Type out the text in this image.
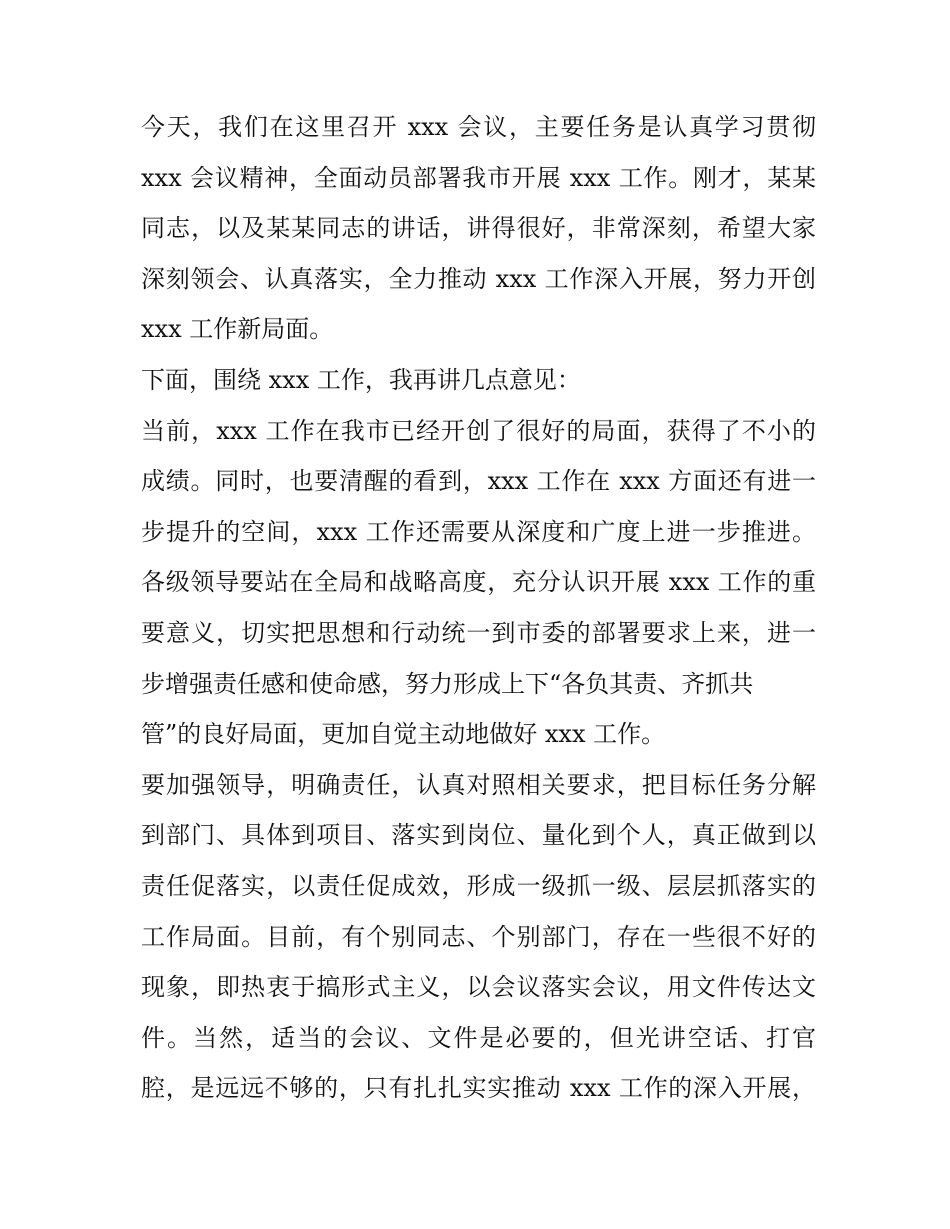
今天，我们在这里召开 xxx 会议，主要任务是认真学习贯彻
xxx 会议精神，全面动员部署我市开展 xxx 工作。刚才，某某
同志，以及某某同志的讲话，讲得很好，非常深刻，希望大家
深刻领会、认真落实，全力推动 xxx 工作深入开展，努力开创
xxx 工作新局面。
下面，围绕 xxx 工作，我再讲几点意见：
当前，xxx 工作在我市已经开创了很好的局面，获得了不小的
成绩。同时，也要清醒的看到，xxx 工作在 xxx 方面还有进一
步提升的空间，xxx 工作还需要从深度和广度上进一步推进。
各级领导要站在全局和战略高度，充分认识开展 xxx 工作的重
要意义，切实把思想和行动统一到市委的部署要求上来，进一
步增强责任感和使命感，努力形成上下“各负其责、齐抓共
管”的良好局面，更加自觉主动地做好 xxx 工作。
要加强领导，明确责任，认真对照相关要求，把目标任务分解
到部门、具体到项目、落实到岗位、量化到个人，真正做到以
责任促落实，以责任促成效，形成一级抓一级、层层抓落实的
工作局面。目前，有个别同志、个别部门，存在一些很不好的
现象，即热衷于搞形式主义，以会议落实会议，用文件传达文
件。当然，适当的会议、文件是必要的，但光讲空话、打官
腔，是远远不够的，只有扎扎实实推动 xxx 工作的深入开展，
